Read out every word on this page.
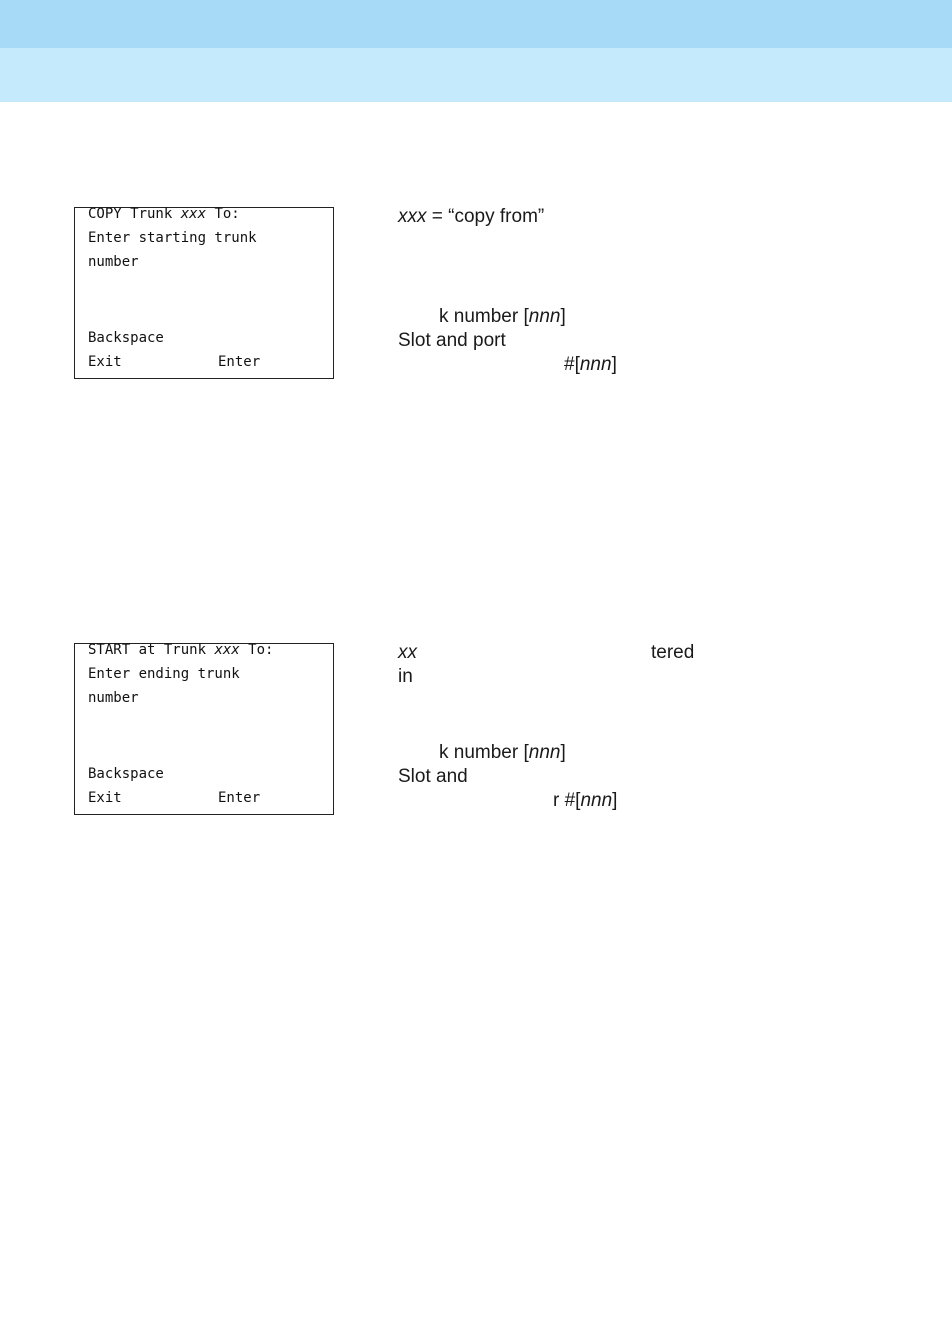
COPY Trunk xxx To:
Enter starting trunk
number
Backspace
Exit	Enter
xxx = “copy from”
k number [nnn]
Slot and port
#[nnn]
START at Trunk xxx To:
Enter ending trunk
number
Backspace
Exit	Enter
xx	tered
in
k number [nnn]
Slot and
r #[nnn]
